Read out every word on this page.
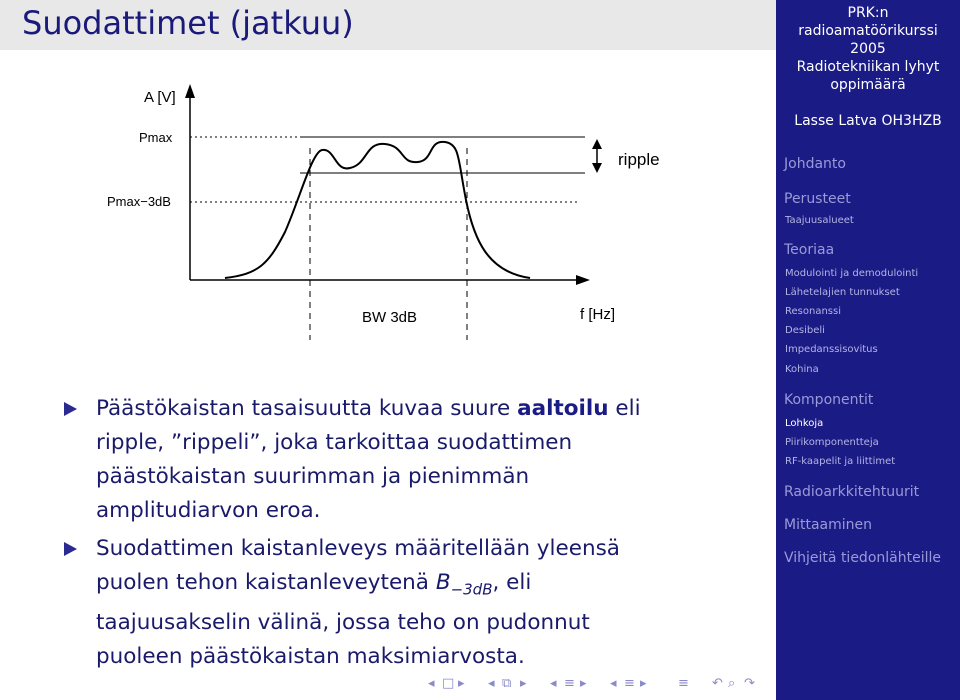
Suodattimet (jatkuu)	PRK:n
radioamatöörikurssi
2005
Radiotekniikan lyhyt
oppimäärä
Lasse Latva OH3HZB
Johdanto
Perusteet
Taajuusalueet
Teoriaa
Modulointi ja demodulointi
Lähetelajien tunnukset
Resonanssi
Desibeli
Impedanssisovitus
Kohina
Komponentit
Lohkoja
Piirikomponentteja
RF-kaapelit ja liittimet
Radioarkkitehtuurit
Mittaaminen
Vihjeitä tiedonlähteille
A [V]
Pmax
Pmax−3dB
ripple
BW 3dB	f [Hz]
Päästökaistan tasaisuutta kuvaa suure aaltoilu eli
ripple, ”rippeli”, joka tarkoittaa suodattimen
päästökaistan suurimman ja pienimmän
amplitudiarvon eroa.
Suodattimen kaistanleveys määritellään yleensä
puolen tehon kaistanleveytenä $B_{-3dB}$, eli
taajuusakselin välinä, jossa teho on pudonnut
puoleen päästökaistan maksimiarvosta.
◂ □ ▸ ◂ ⧉ ▸ ◂ ≡ ▸ ◂ ≡ ▸ ≡ ↶ ⌕ ↷
